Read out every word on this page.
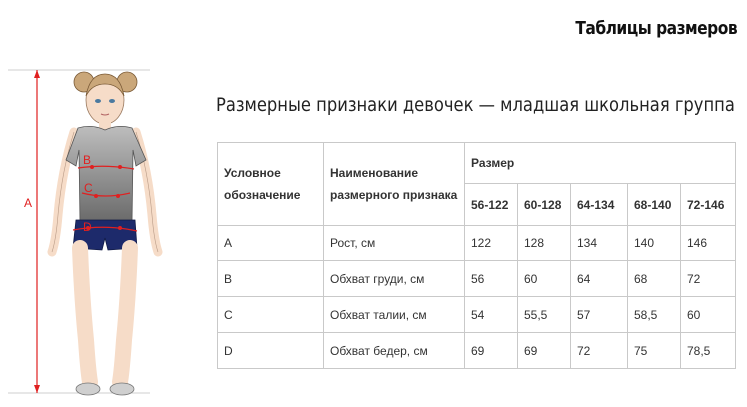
Таблицы размеров
Размерные признаки девочек — младшая школьная группа
A
B
C
D
Условное обозначение	Наименование размерного признака	Размер				
		56-122	60-128	64-134	68-140	72-146
A	Рост, см	122	128	134	140	146
B	Обхват груди, см	56	60	64	68	72
C	Обхват талии, см	54	55,5	57	58,5	60
D	Обхват бедер, см	69	69	72	75	78,5
